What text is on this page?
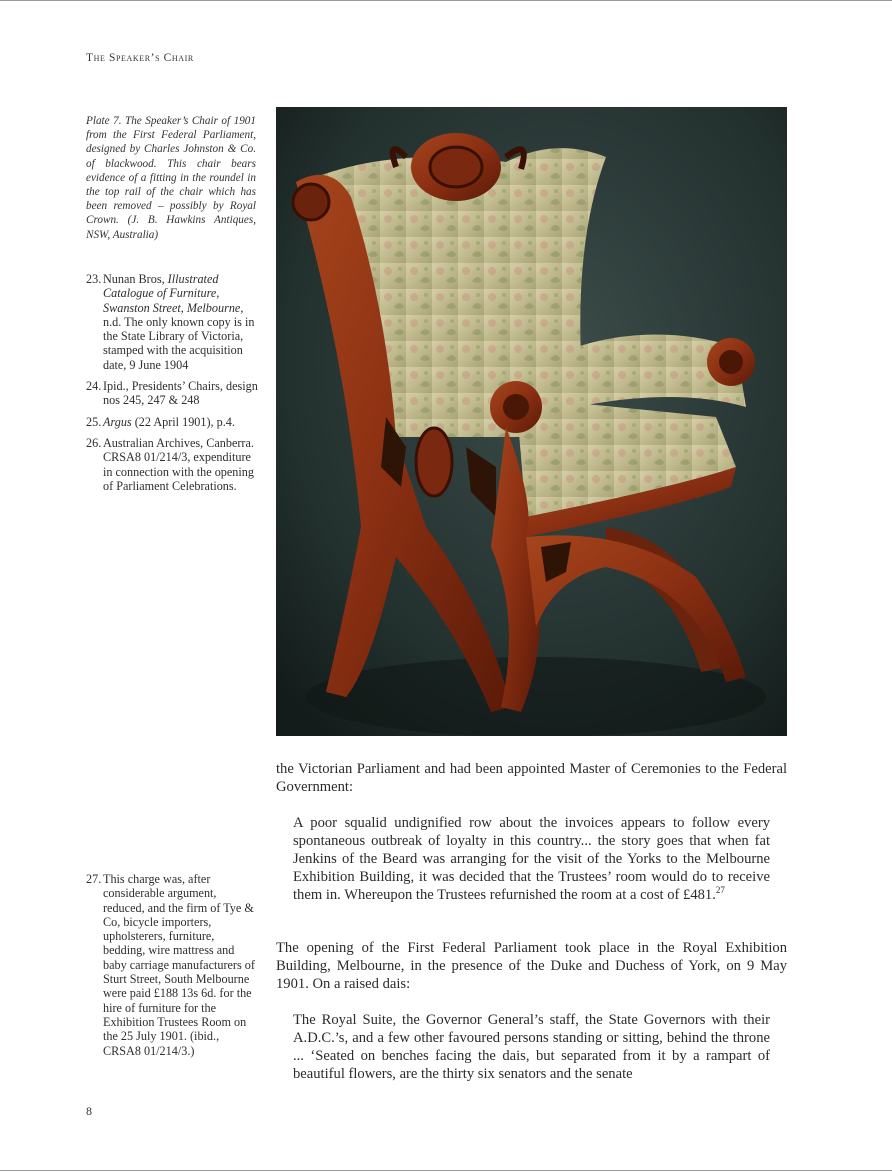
The Speaker’s Chair
Plate 7. The Speaker’s Chair of 1901 from the First Federal Parliament, designed by Charles Johnston & Co. of blackwood. This chair bears evidence of a fitting in the roundel in the top rail of the chair which has been removed – possibly by Royal Crown. (J. B. Hawkins Antiques, NSW, Australia)
23. Nunan Bros, Illustrated Catalogue of Furniture, Swanston Street, Melbourne, n.d. The only known copy is in the State Library of Victoria, stamped with the acquisition date, 9 June 1904
24. Ipid., Presidents’ Chairs, design nos 245, 247 & 248
25. Argus (22 April 1901), p.4.
26. Australian Archives, Canberra. CRSA8 01/214/3, expenditure in connection with the opening of Parliament Celebrations.

the Victorian Parliament and had been appointed Master of Ceremonies to the Federal Government:

A poor squalid undignified row about the invoices appears to follow every spontaneous outbreak of loyalty in this country... the story goes that when fat Jenkins of the Beard was arranging for the visit of the Yorks to the Melbourne Exhibition Building, it was decided that the Trustees’ room would do to receive them in. Whereupon the Trustees refurnished the room at a cost of £481.27

The opening of the First Federal Parliament took place in the Royal Exhibition Building, Melbourne, in the presence of the Duke and Duchess of York, on 9 May 1901. On a raised dais:

The Royal Suite, the Governor General’s staff, the State Governors with their A.D.C.’s, and a few other favoured persons standing or sitting, behind the throne ... ‘Seated on benches facing the dais, but separated from it by a rampart of beautiful flowers, are the thirty six senators and the senate

27. This charge was, after considerable argument, reduced, and the firm of Tye & Co, bicycle importers, upholsterers, furniture, bedding, wire mattress and baby carriage manufacturers of Sturt Street, South Melbourne were paid £188 13s 6d. for the hire of furniture for the Exhibition Trustees Room on the 25 July 1901. (ibid., CRSA8 01/214/3.)
8
